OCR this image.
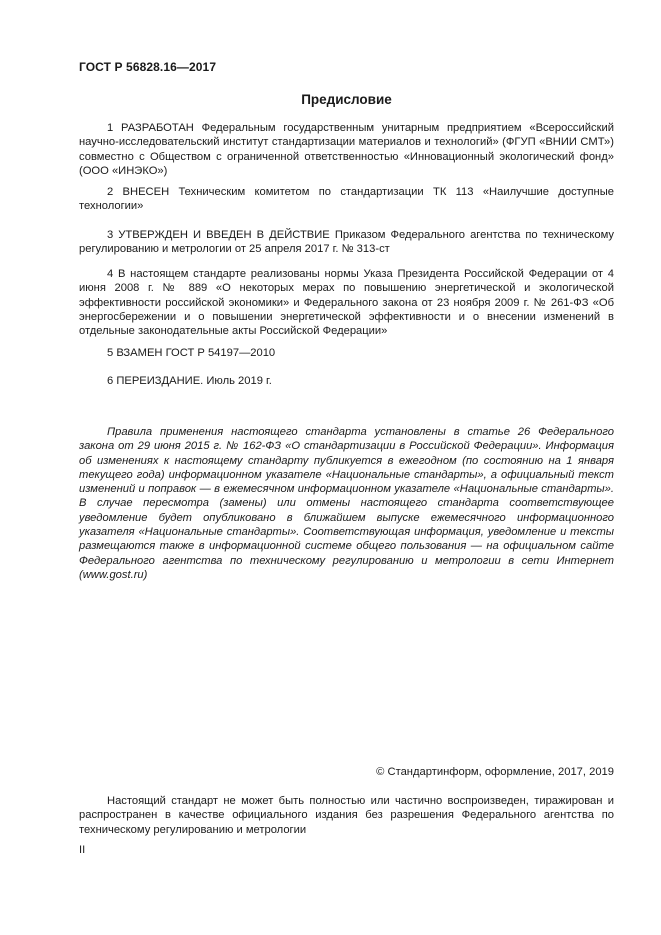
ГОСТ Р 56828.16—2017
Предисловие

1 РАЗРАБОТАН Федеральным государственным унитарным предприятием «Всероссийский научно-исследовательский институт стандартизации материалов и технологий» (ФГУП «ВНИИ СМТ») совместно с Обществом с ограниченной ответственностью «Инновационный экологический фонд» (ООО «ИНЭКО»)

2 ВНЕСЕН Техническим комитетом по стандартизации ТК 113 «Наилучшие доступные технологии»

3 УТВЕРЖДЕН И ВВЕДЕН В ДЕЙСТВИЕ Приказом Федерального агентства по техническому регулированию и метрологии от 25 апреля 2017 г. № 313-ст

4 В настоящем стандарте реализованы нормы Указа Президента Российской Федерации от 4 июня 2008 г. № 889 «О некоторых мерах по повышению энергетической и экологической эффективности российской экономики» и Федерального закона от 23 ноября 2009 г. № 261-ФЗ «Об энергосбережении и о повышении энергетической эффективности и о внесении изменений в отдельные законодательные акты Российской Федерации»

5 ВЗАМЕН ГОСТ Р 54197—2010

6 ПЕРЕИЗДАНИЕ. Июль 2019 г.

Правила применения настоящего стандарта установлены в статье 26 Федерального закона от 29 июня 2015 г. № 162-ФЗ «О стандартизации в Российской Федерации». Информация об изменениях к настоящему стандарту публикуется в ежегодном (по состоянию на 1 января текущего года) информационном указателе «Национальные стандарты», а официальный текст изменений и поправок — в ежемесячном информационном указателе «Национальные стандарты». В случае пересмотра (замены) или отмены настоящего стандарта соответствующее уведомление будет опубликовано в ближайшем выпуске ежемесячного информационного указателя «Национальные стандарты». Соответствующая информация, уведомление и тексты размещаются также в информационной системе общего пользования — на официальном сайте Федерального агентства по техническому регулированию и метрологии в сети Интернет (www.gost.ru)
© Стандартинформ, оформление, 2017, 2019
Настоящий стандарт не может быть полностью или частично воспроизведен, тиражирован и распространен в качестве официального издания без разрешения Федерального агентства по техническому регулированию и метрологии
II
